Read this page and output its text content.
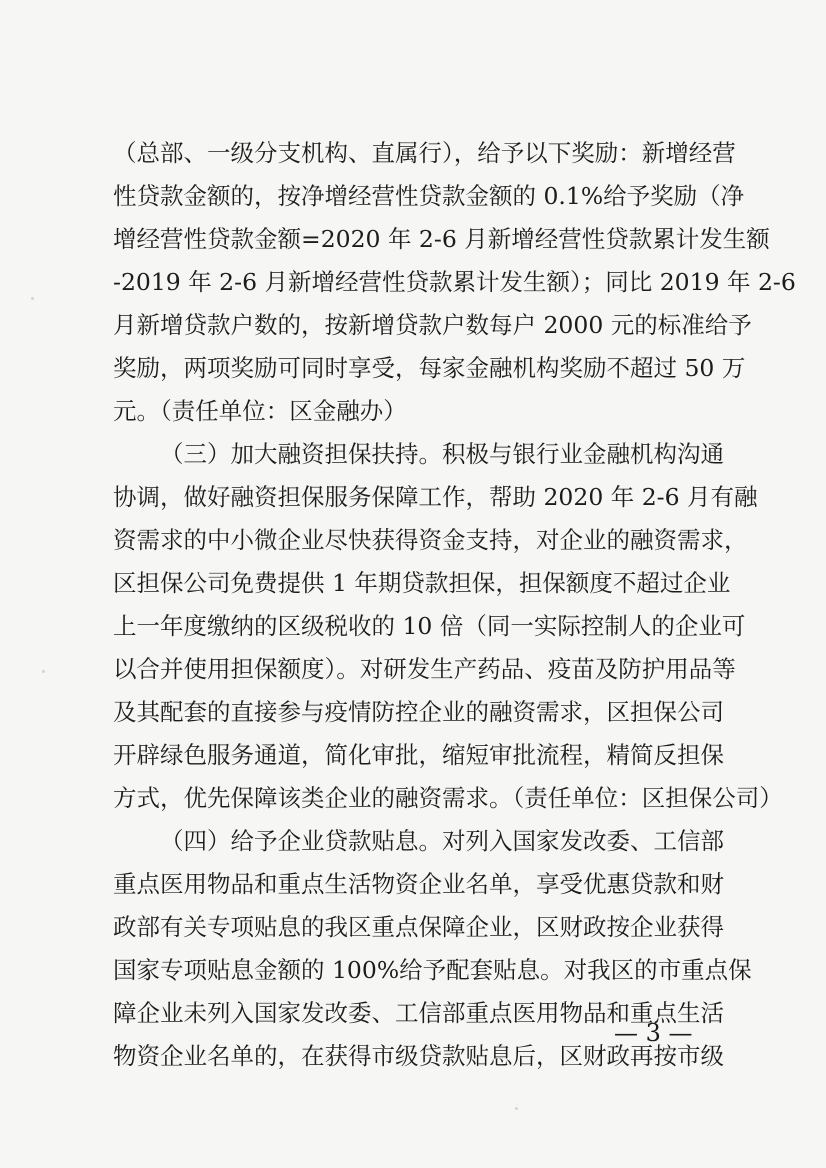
（总部、一级分支机构、直属行），给予以下奖励：新增经营
性贷款金额的，按净增经营性贷款金额的 0.1%给予奖励（净
增经营性贷款金额=2020 年 2-6 月新增经营性贷款累计发生额
-2019 年 2-6 月新增经营性贷款累计发生额）；同比 2019 年 2-6
月新增贷款户数的，按新增贷款户数每户 2000 元的标准给予
奖励，两项奖励可同时享受，每家金融机构奖励不超过 50 万
元。（责任单位：区金融办）
（三）加大融资担保扶持。积极与银行业金融机构沟通
协调，做好融资担保服务保障工作，帮助 2020 年 2-6 月有融
资需求的中小微企业尽快获得资金支持，对企业的融资需求，
区担保公司免费提供 1 年期贷款担保，担保额度不超过企业
上一年度缴纳的区级税收的 10 倍（同一实际控制人的企业可
以合并使用担保额度）。对研发生产药品、疫苗及防护用品等
及其配套的直接参与疫情防控企业的融资需求，区担保公司
开辟绿色服务通道，简化审批，缩短审批流程，精简反担保
方式，优先保障该类企业的融资需求。（责任单位：区担保公司）
（四）给予企业贷款贴息。对列入国家发改委、工信部
重点医用物品和重点生活物资企业名单，享受优惠贷款和财
政部有关专项贴息的我区重点保障企业，区财政按企业获得
国家专项贴息金额的 100%给予配套贴息。对我区的市重点保
障企业未列入国家发改委、工信部重点医用物品和重点生活
物资企业名单的，在获得市级贷款贴息后，区财政再按市级
— 3 —
